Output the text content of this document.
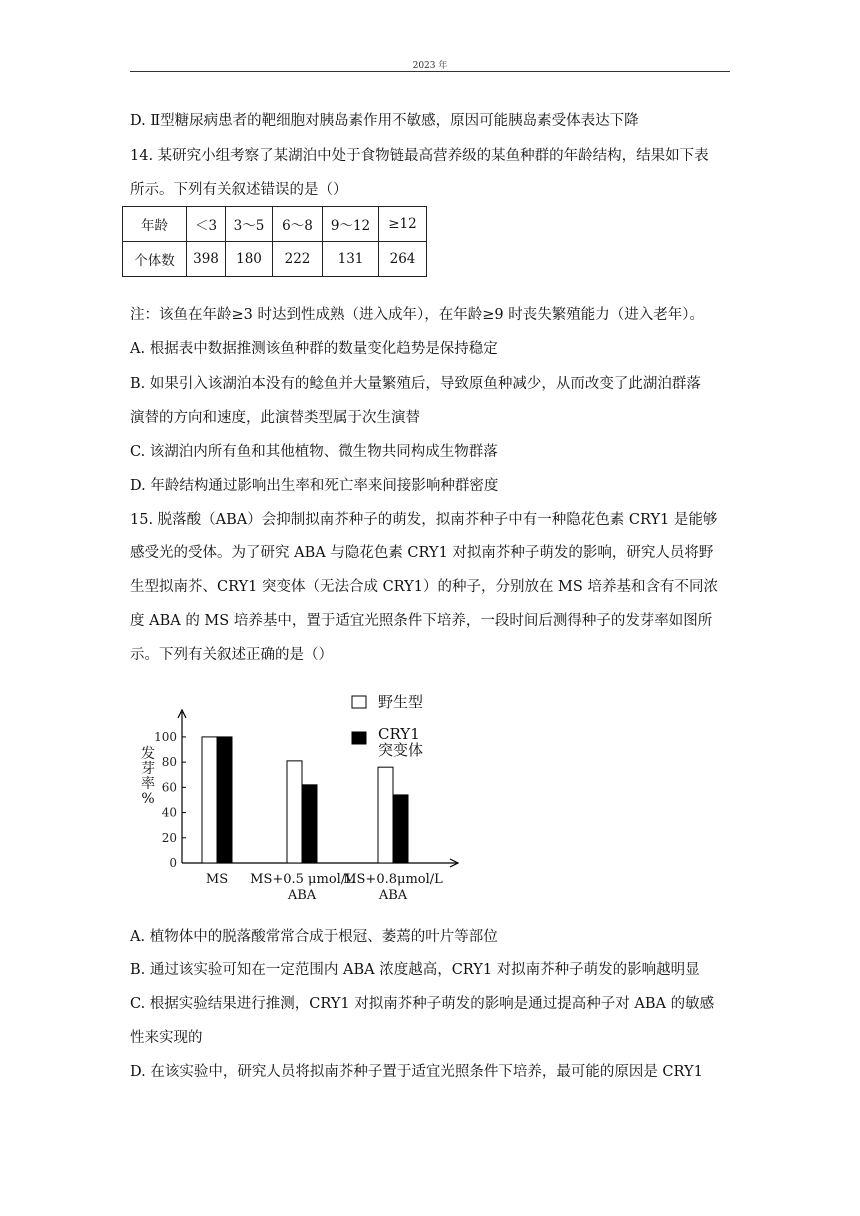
2023 年
D. Ⅱ型糖尿病患者的靶细胞对胰岛素作用不敏感，原因可能胰岛素受体表达下降
14. 某研究小组考察了某湖泊中处于食物链最高营养级的某鱼种群的年龄结构，结果如下表
所示。下列有关叙述错误的是（）
年龄	＜3	3～5	6～8	9～12	≥12
个体数	398	180	222	131	264
注：该鱼在年龄≥3 时达到性成熟（进入成年），在年龄≥9 时丧失繁殖能力（进入老年）。
A. 根据表中数据推测该鱼种群的数量变化趋势是保持稳定
B. 如果引入该湖泊本没有的鲶鱼并大量繁殖后，导致原鱼种减少，从而改变了此湖泊群落
演替的方向和速度，此演替类型属于次生演替
C. 该湖泊内所有鱼和其他植物、微生物共同构成生物群落
D. 年龄结构通过影响出生率和死亡率来间接影响种群密度
15. 脱落酸（ABA）会抑制拟南芥种子的萌发，拟南芥种子中有一种隐花色素 CRY1 是能够
感受光的受体。为了研究 ABA 与隐花色素 CRY1 对拟南芥种子萌发的影响，研究人员将野
生型拟南芥、CRY1 突变体（无法合成 CRY1）的种子，分别放在 MS 培养基和含有不同浓
度 ABA 的 MS 培养基中，置于适宜光照条件下培养，一段时间后测得种子的发芽率如图所
示。下列有关叙述正确的是（）
0
20
40
60
80
100
发
芽
率
%
MS MS+0.5 μmol/L
ABA
MS+0.8μmol/L
ABA
野生型
CRY1
突变体
A. 植物体中的脱落酸常常合成于根冠、萎蔫的叶片等部位
B. 通过该实验可知在一定范围内 ABA 浓度越高，CRY1 对拟南芥种子萌发的影响越明显
C. 根据实验结果进行推测，CRY1 对拟南芥种子萌发的影响是通过提高种子对 ABA 的敏感
性来实现的
D. 在该实验中，研究人员将拟南芥种子置于适宜光照条件下培养，最可能的原因是 CRY1
